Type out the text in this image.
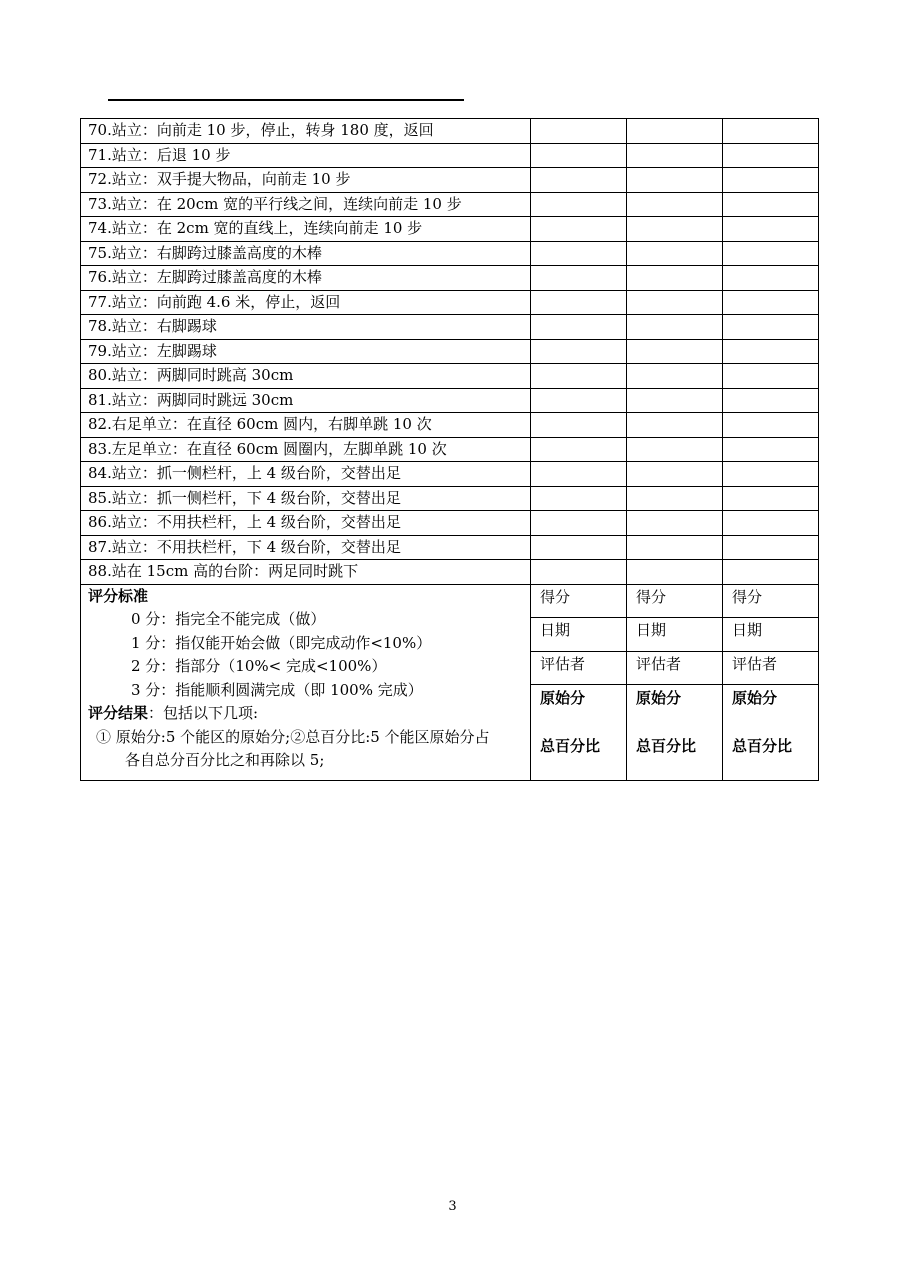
70.站立：向前走 10 步，停止，转身 180 度，返回
71.站立：后退 10 步
72.站立：双手提大物品，向前走 10 步
73.站立：在 20cm 宽的平行线之间，连续向前走 10 步
74.站立：在 2cm 宽的直线上，连续向前走 10 步
75.站立：右脚跨过膝盖高度的木棒
76.站立：左脚跨过膝盖高度的木棒
77.站立：向前跑 4.6 米，停止，返回
78.站立：右脚踢球
79.站立：左脚踢球
80.站立：两脚同时跳高 30cm
81.站立：两脚同时跳远 30cm
82.右足单立：在直径 60cm 圆内，右脚单跳 10 次
83.左足单立：在直径 60cm 圆圈内，左脚单跳 10 次
84.站立：抓一侧栏杆，上 4 级台阶，交替出足
85.站立：抓一侧栏杆，下 4 级台阶，交替出足
86.站立：不用扶栏杆，上 4 级台阶，交替出足
87.站立：不用扶栏杆，下 4 级台阶，交替出足
88.站在 15cm 高的台阶：两足同时跳下
评分标准
0 分：指完全不能完成（做）
1 分：指仅能开始会做（即完成动作<10%）
2 分：指部分（10%< 完成<100%）
3 分：指能顺利圆满完成（即 100% 完成）
评分结果：包括以下几项:
① 原始分:5 个能区的原始分;②总百分比:5 个能区原始分占
各自总分百分比之和再除以 5;
得分
日期
评估者
原始分
总百分比
得分
日期
评估者
原始分
总百分比
得分
日期
评估者
原始分
总百分比
3
